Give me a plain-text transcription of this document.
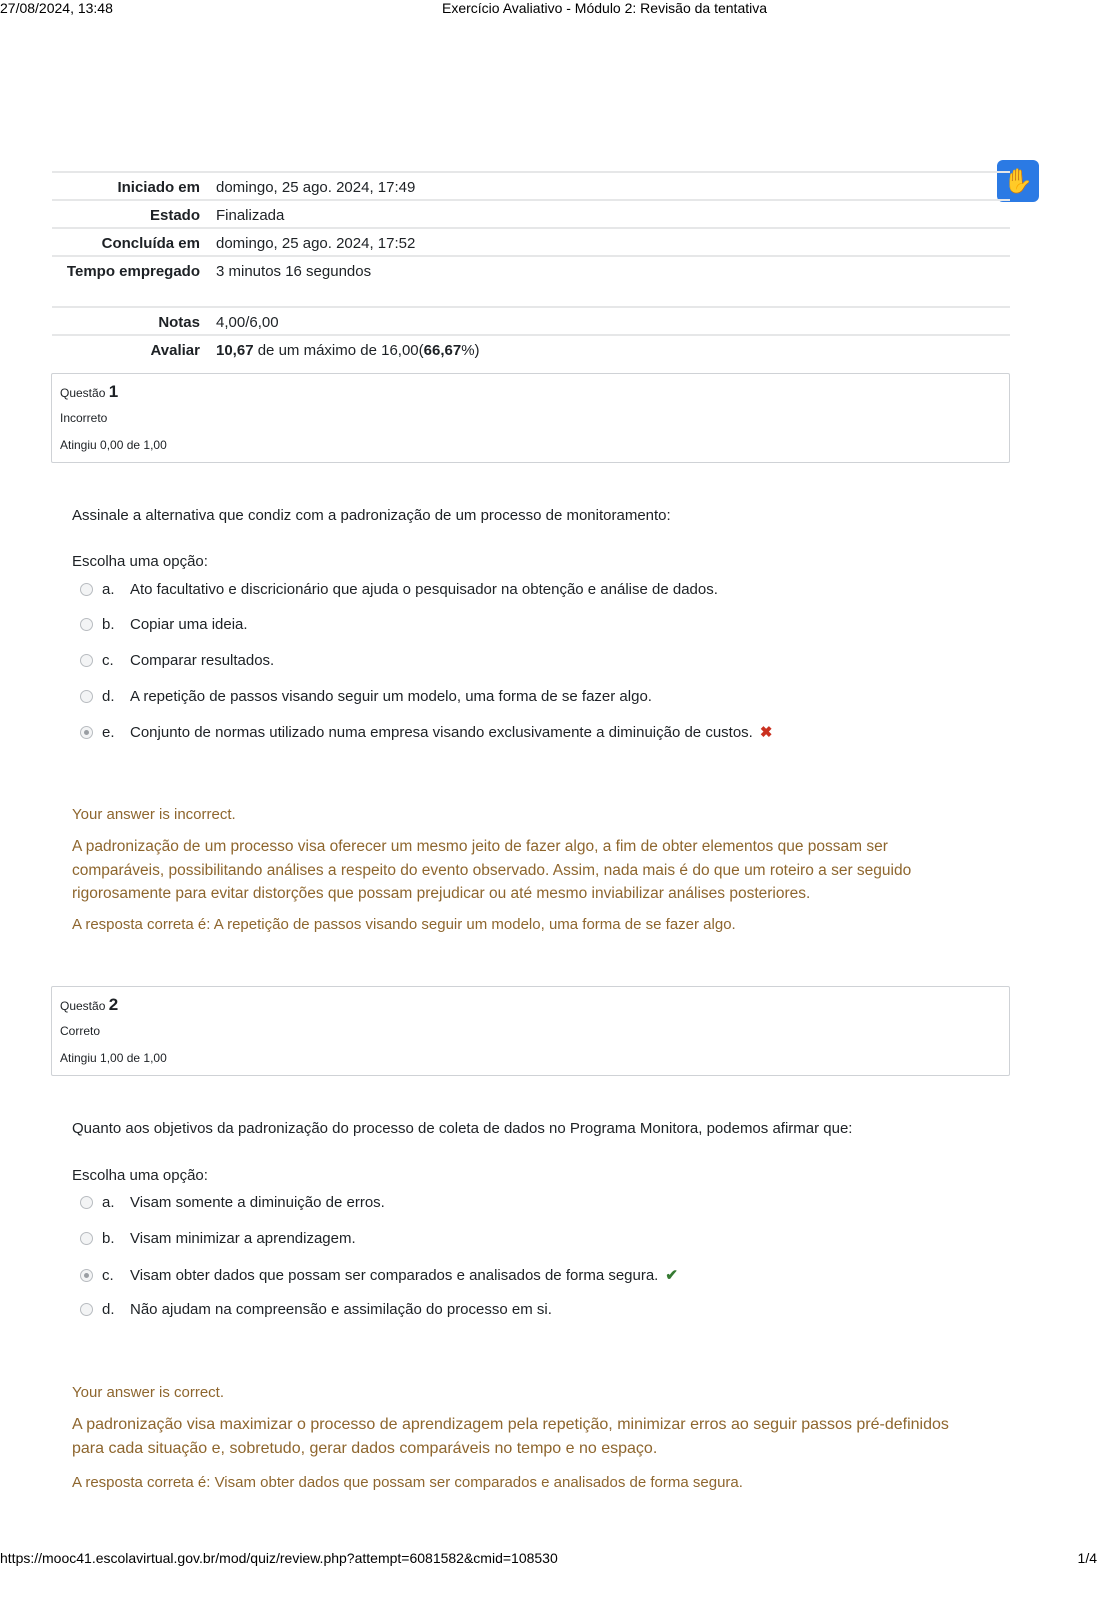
27/08/2024, 13:48	Exercício Avaliativo - Módulo 2: Revisão da tentativa
✋
Iniciado em	domingo, 25 ago. 2024, 17:49
Estado	Finalizada
Concluída em	domingo, 25 ago. 2024, 17:52
Tempo empregado	3 minutos 16 segundos
Notas	4,00/6,00
Avaliar	10,67 de um máximo de 16,00(66,67%)
Questão 1
Incorreto
Atingiu 0,00 de 1,00
Assinale a alternativa que condiz com a padronização de um processo de monitoramento:
Escolha uma opção:
a.	Ato facultativo e discricionário que ajuda o pesquisador na obtenção e análise de dados.
b.	Copiar uma ideia.
c.	Comparar resultados.
d.	A repetição de passos visando seguir um modelo, uma forma de se fazer algo.
e.	Conjunto de normas utilizado numa empresa visando exclusivamente a diminuição de custos. ✖
Your answer is incorrect.
A padronização de um processo visa oferecer um mesmo jeito de fazer algo, a fim de obter elementos que possam ser comparáveis, possibilitando análises a respeito do evento observado. Assim, nada mais é do que um roteiro a ser seguido rigorosamente para evitar distorções que possam prejudicar ou até mesmo inviabilizar análises posteriores.
A resposta correta é: A repetição de passos visando seguir um modelo, uma forma de se fazer algo.
Questão 2
Correto
Atingiu 1,00 de 1,00
Quanto aos objetivos da padronização do processo de coleta de dados no Programa Monitora, podemos afirmar que:
Escolha uma opção:
a.	Visam somente a diminuição de erros.
b.	Visam minimizar a aprendizagem.
c.	Visam obter dados que possam ser comparados e analisados de forma segura. ✔
d.	Não ajudam na compreensão e assimilação do processo em si.
Your answer is correct.
A padronização visa maximizar o processo de aprendizagem pela repetição, minimizar erros ao seguir passos pré-definidos para cada situação e, sobretudo, gerar dados comparáveis no tempo e no espaço.
A resposta correta é: Visam obter dados que possam ser comparados e analisados de forma segura.
https://mooc41.escolavirtual.gov.br/mod/quiz/review.php?attempt=6081582&cmid=108530	1/4
